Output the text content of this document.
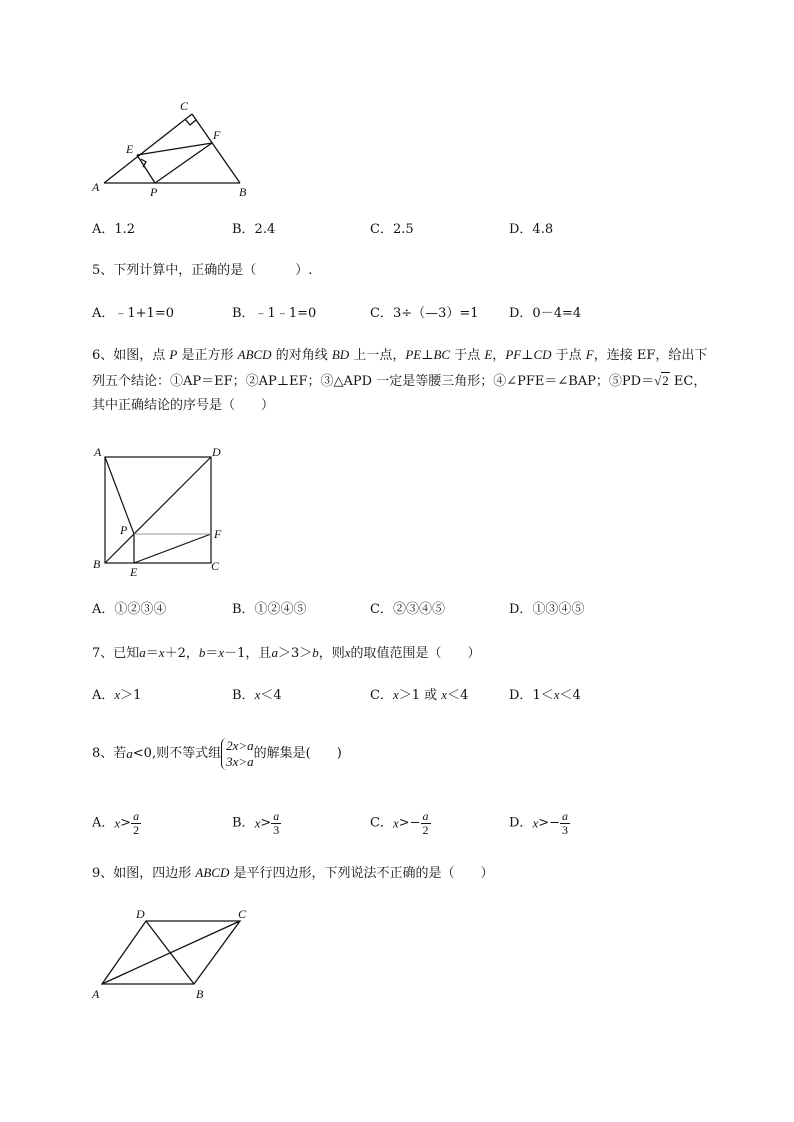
C
F
E
A	P	B
A．1.2	B．2.4	C．2.5	D．4.8
5、下列计算中，正确的是（　　　）.
A．﹣1+1=0	B．﹣1﹣1=0	C．3÷（—3）=1 D．0－4=4
6、如图，点 P 是正方形 ABCD 的对角线 BD 上一点，PE⊥BC 于点 E，PF⊥CD 于点 F，连接 EF，给出下
列五个结论：①AP＝EF；②AP⊥EF；③△APD 一定是等腰三角形；④∠PFE＝∠BAP；⑤PD＝√2 EC，
其中正确结论的序号是（　　）
A	D
P	F
B
E	C
A．①②③④	B．①②④⑤	C．②③④⑤	D．①③④⑤
7、已知a＝x＋2，b＝x－1，且a＞3＞b，则x的取值范围是（　　）
A．x＞1	B．x＜4	C．x＞1 或 x＜4	D．1＜x＜4
8、若a<0,则不等式组
2x>a
3x>a
的解集是(　　)
A．$x> \frac{a}{2}$	B．$x> \frac{a}{3}$	C．$x>- \frac{a}{2}$	D．$x>- \frac{a}{3}$
9、如图，四边形 ABCD 是平行四边形，下列说法不正确的是（　　）
D	C
A	B
